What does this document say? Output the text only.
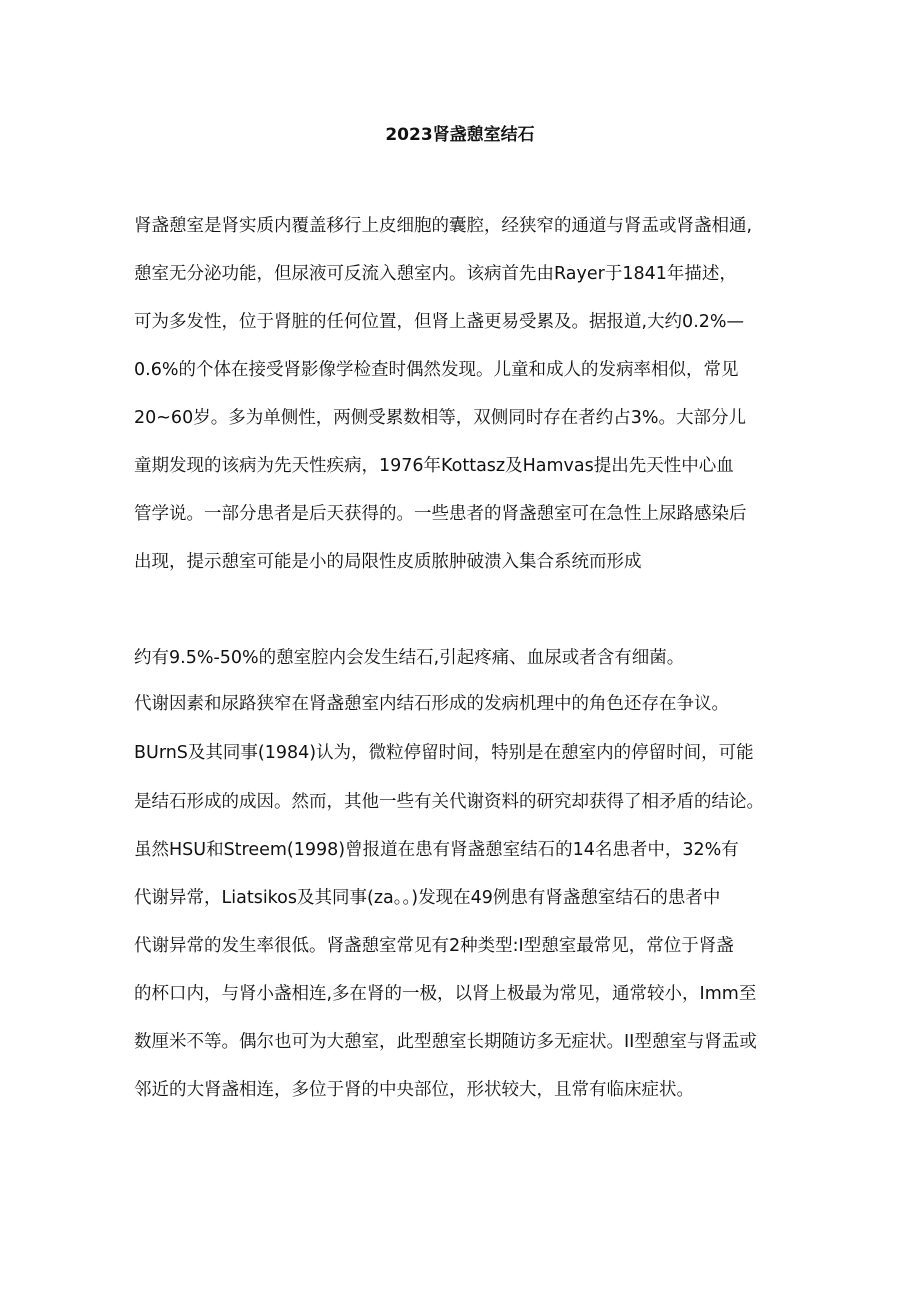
2023肾盏憩室结石
肾盏憩室是肾实质内覆盖移行上皮细胞的囊腔，经狭窄的通道与肾盂或肾盏相通,
憩室无分泌功能，但尿液可反流入憩室内。该病首先由Rayer于1841年描述，
可为多发性，位于肾脏的任何位置，但肾上盏更易受累及。据报道,大约0.2%—
0.6%的个体在接受肾影像学检查时偶然发现。儿童和成人的发病率相似，常见
20~60岁。多为单侧性，两侧受累数相等，双侧同时存在者约占3%。大部分儿
童期发现的该病为先天性疾病，1976年Kottasz及Hamvas提出先天性中心血
管学说。一部分患者是后天获得的。一些患者的肾盏憩室可在急性上尿路感染后
出现，提示憩室可能是小的局限性皮质脓肿破溃入集合系统而形成
约有9.5%-50%的憩室腔内会发生结石,引起疼痛、血尿或者含有细菌。
代谢因素和尿路狭窄在肾盏憩室内结石形成的发病机理中的角色还存在争议。
BUrnS及其同事(1984)认为，微粒停留时间，特别是在憩室内的停留时间，可能
是结石形成的成因。然而，其他一些有关代谢资料的研究却获得了相矛盾的结论。
虽然HSU和Streem(1998)曾报道在患有肾盏憩室结石的14名患者中，32%有
代谢异常，Liatsikos及其同事(za。。)发现在49例患有肾盏憩室结石的患者中
代谢异常的发生率很低。肾盏憩室常见有2种类型:I型憩室最常见，常位于肾盏
的杯口内，与肾小盏相连,多在肾的一极，以肾上极最为常见，通常较小，Imm至
数厘米不等。偶尔也可为大憩室，此型憩室长期随访多无症状。II型憩室与肾盂或
邻近的大肾盏相连，多位于肾的中央部位，形状较大，且常有临床症状。
